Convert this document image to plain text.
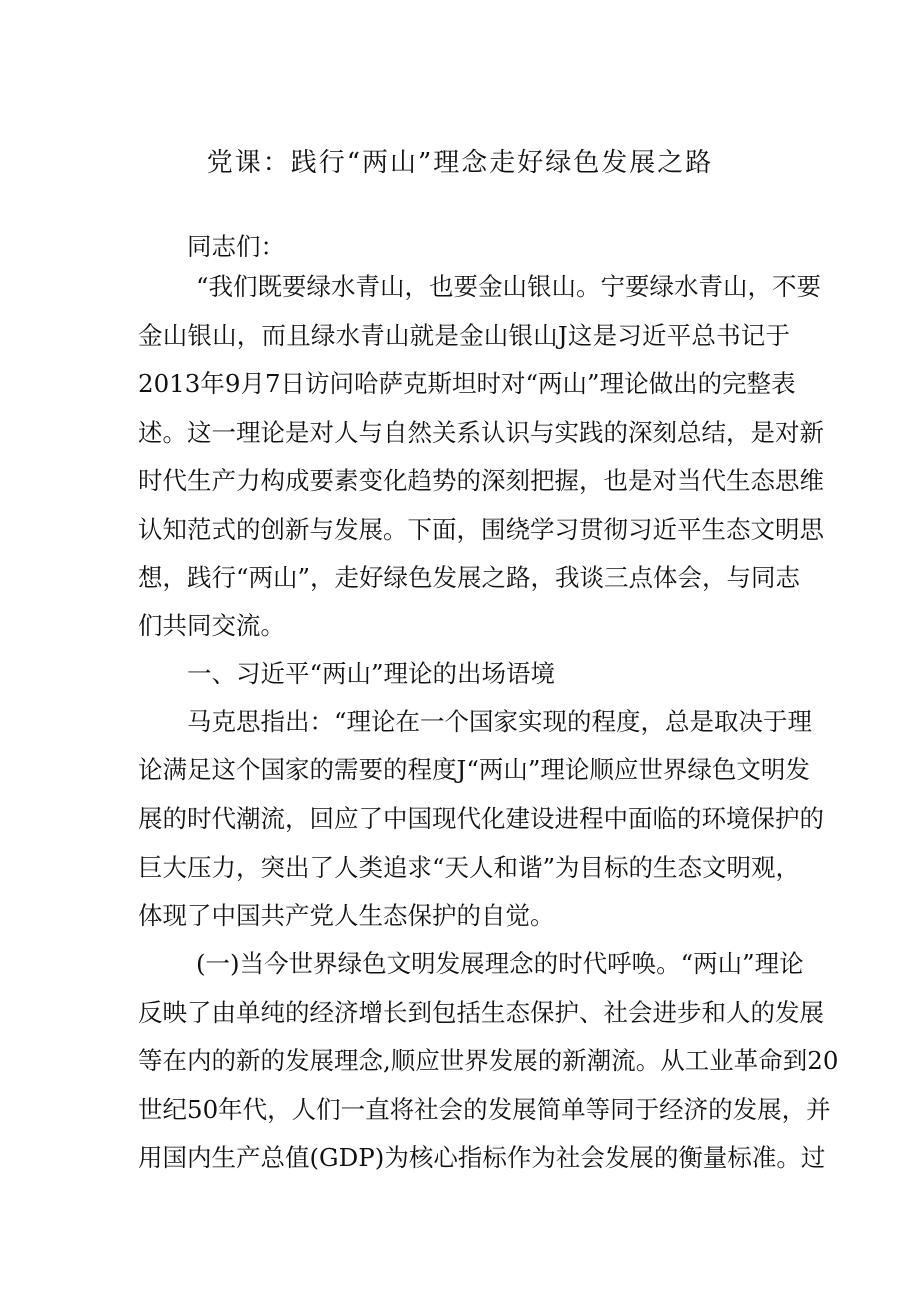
党课：践行“两山”理念走好绿色发展之路
同志们：
“我们既要绿水青山，也要金山银山。宁要绿水青山，不要
金山银山，而且绿水青山就是金山银山J这是习近平总书记于
2013年9月7日访问哈萨克斯坦时对“两山”理论做出的完整表
述。这一理论是对人与自然关系认识与实践的深刻总结，是对新
时代生产力构成要素变化趋势的深刻把握，也是对当代生态思维
认知范式的创新与发展。下面，围绕学习贯彻习近平生态文明思
想，践行“两山”，走好绿色发展之路，我谈三点体会，与同志
们共同交流。
一、习近平“两山”理论的出场语境
马克思指出：“理论在一个国家实现的程度，总是取决于理
论满足这个国家的需要的程度J“两山”理论顺应世界绿色文明发
展的时代潮流，回应了中国现代化建设进程中面临的环境保护的
巨大压力，突出了人类追求“天人和谐”为目标的生态文明观，
体现了中国共产党人生态保护的自觉。
(一)当今世界绿色文明发展理念的时代呼唤。“两山”理论
反映了由单纯的经济增长到包括生态保护、社会进步和人的发展
等在内的新的发展理念,顺应世界发展的新潮流。从工业革命到20
世纪50年代，人们一直将社会的发展简单等同于经济的发展，并
用国内生产总值(GDP)为核心指标作为社会发展的衡量标准。过
